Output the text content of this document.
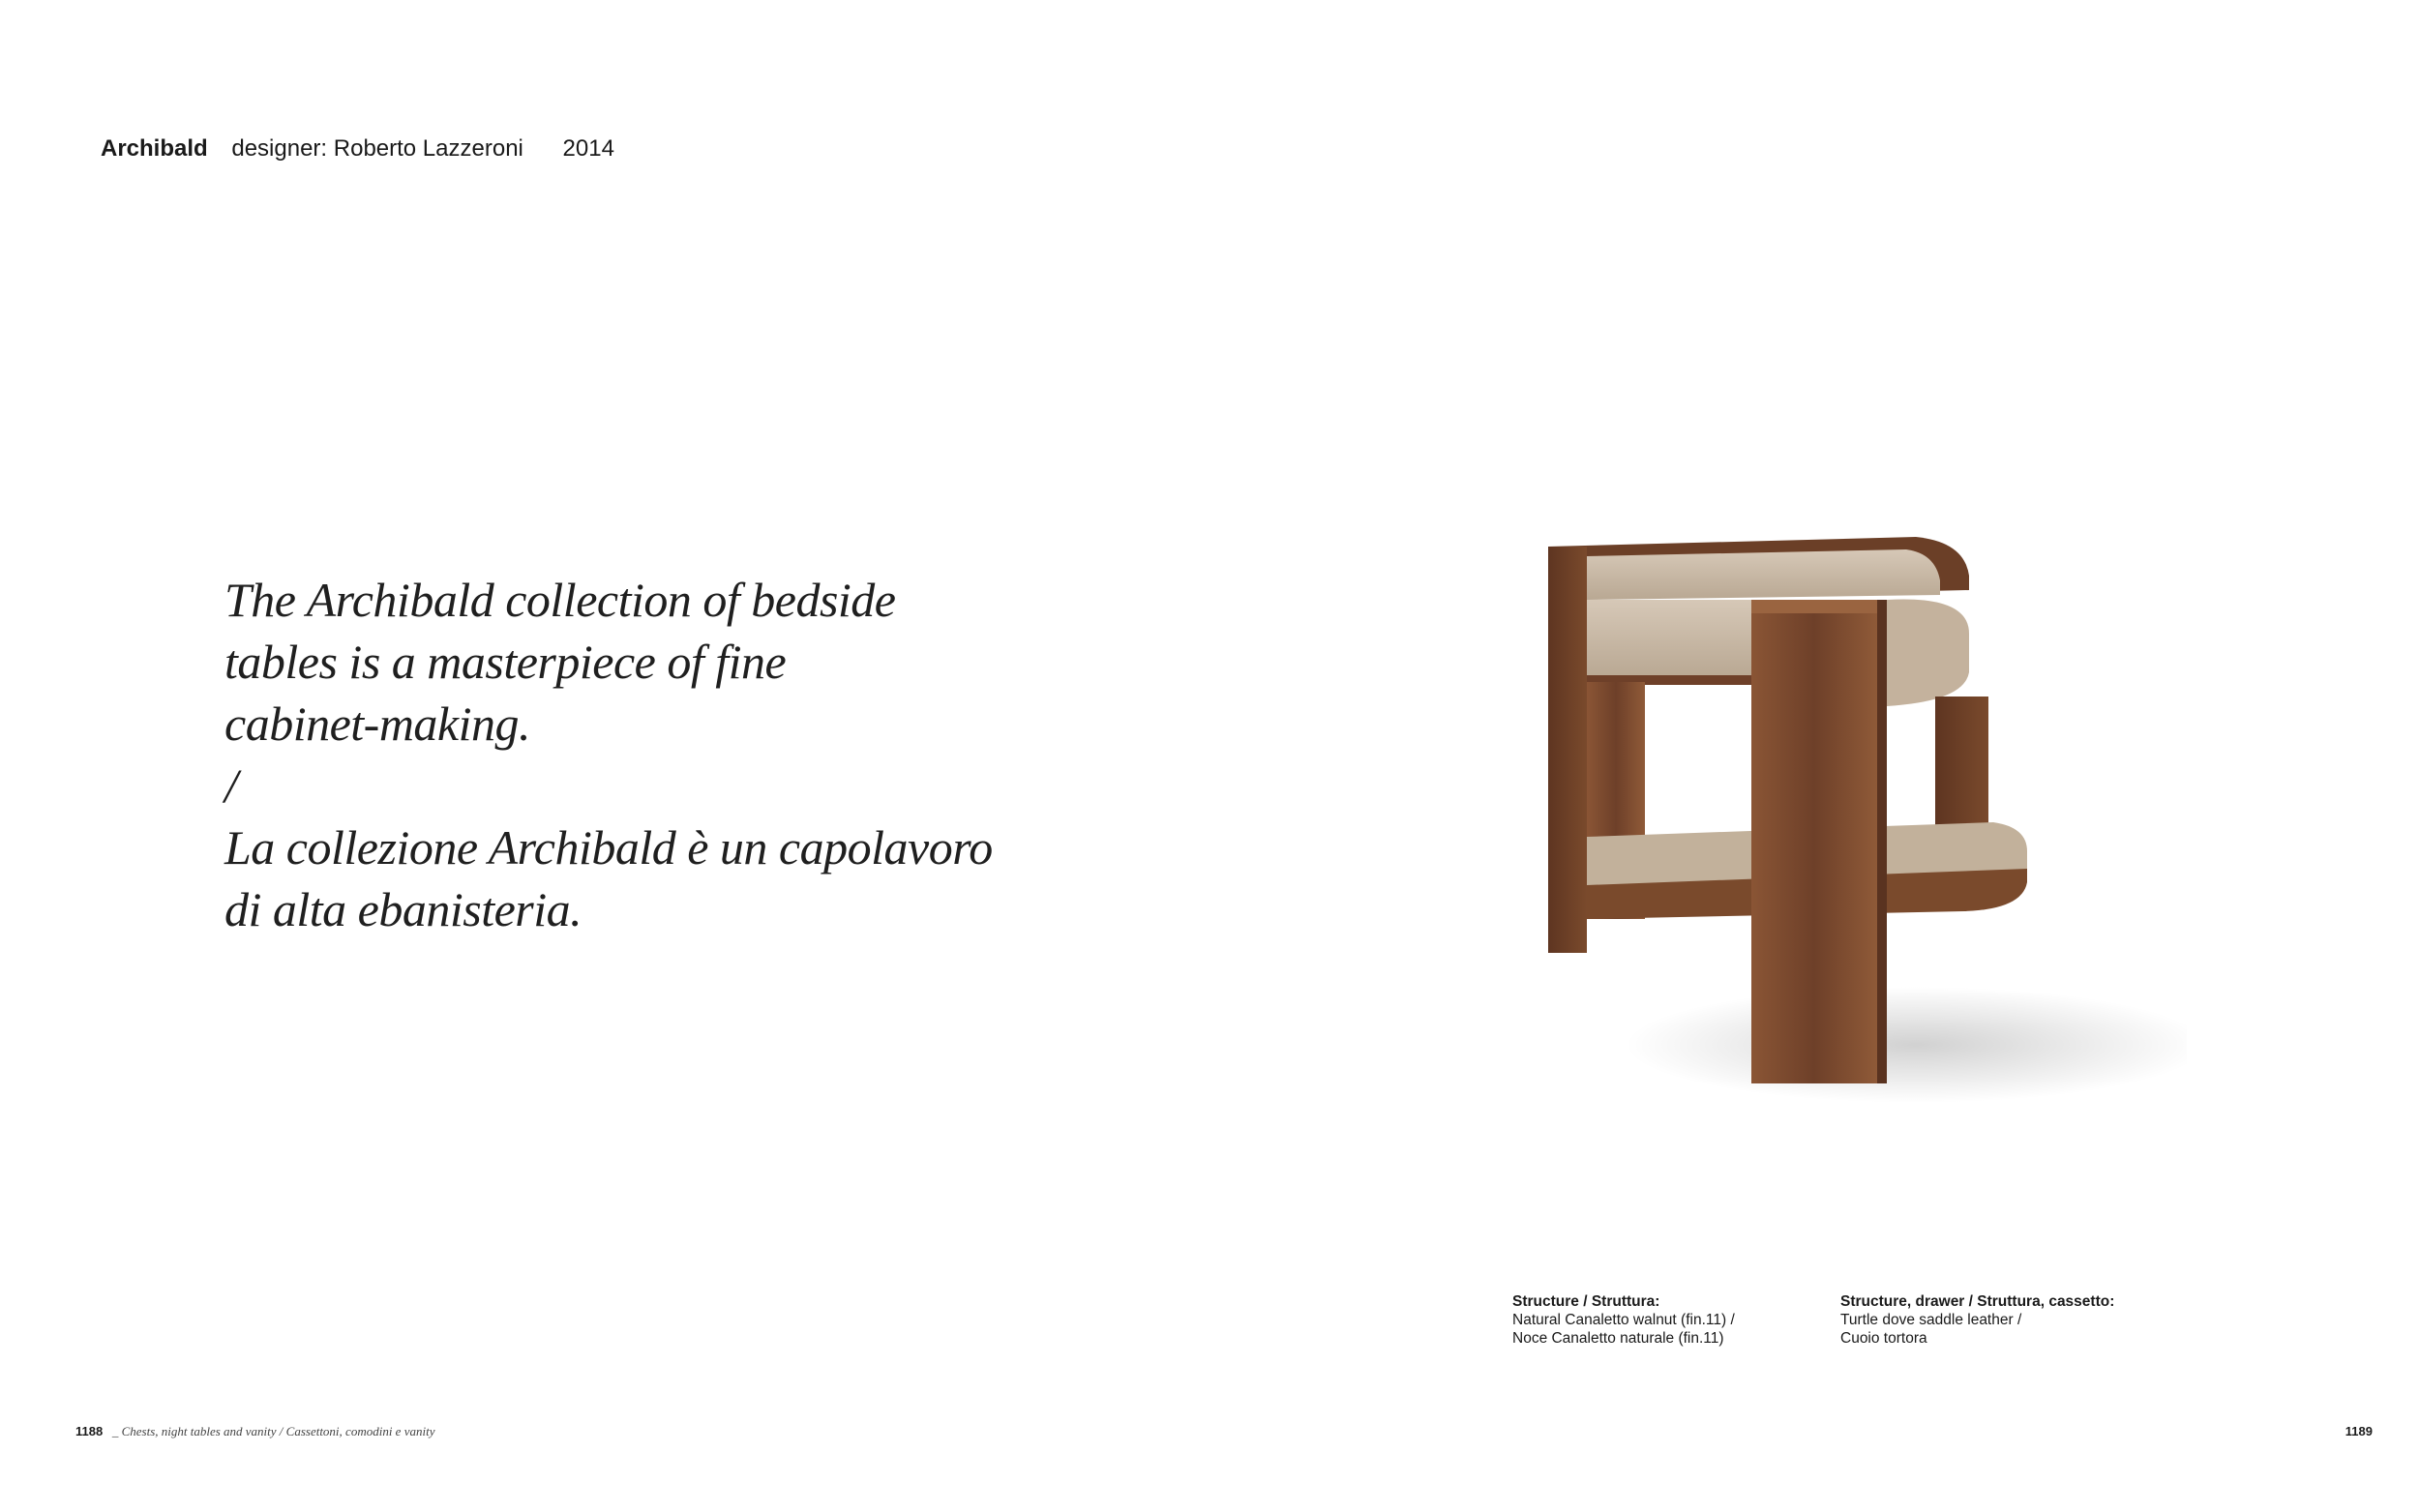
Archibald designer: Roberto Lazzeroni 2014

The Archibald collection of bedside

tables is a masterpiece of fine

cabinet-making.

/

La collezione Archibald è un capolavoro

di alta ebanisteria.

Structure / Struttura:
Natural Canaletto walnut (fin.11) /
Noce Canaletto naturale (fin.11)
Structure, drawer / Struttura, cassetto:
Turtle dove saddle leather /
Cuoio tortora
1188 _ Chests, night tables and vanity / Cassettoni, comodini e vanity	1189
